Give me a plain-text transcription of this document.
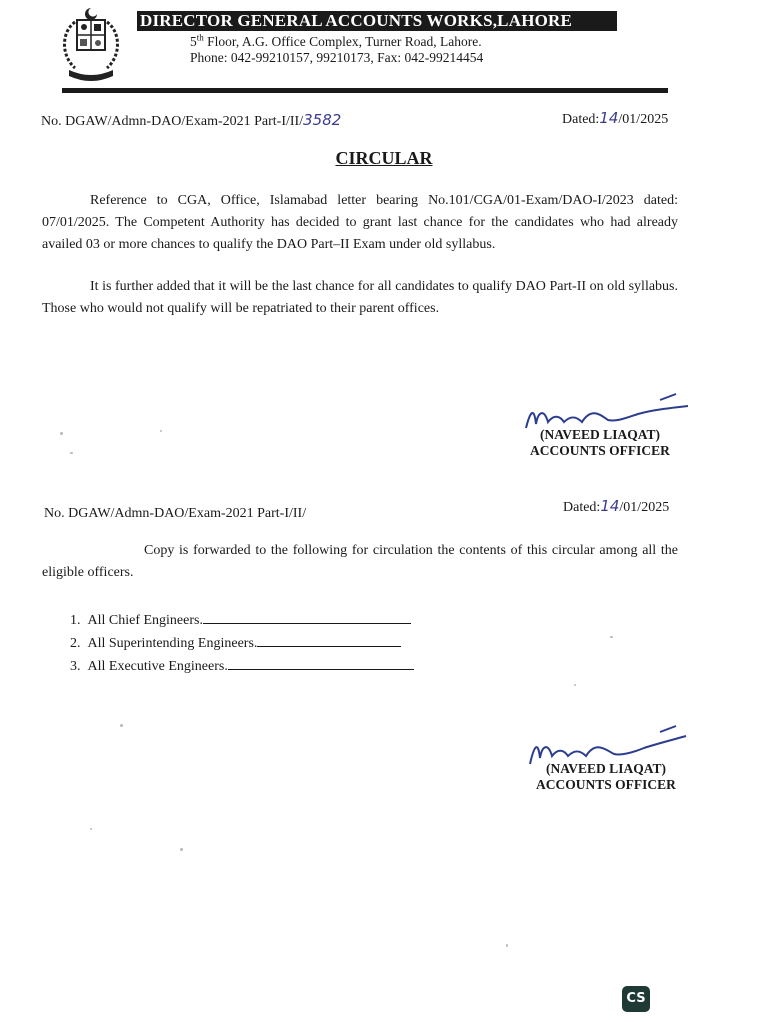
DIRECTOR GENERAL ACCOUNTS WORKS,LAHORE
5th Floor, A.G. Office Complex, Turner Road, Lahore.
Phone: 042-99210157, 99210173, Fax: 042-99214454
No. DGAW/Admn-DAO/Exam-2021 Part-I/II/3582	Dated:14/01/2025
CIRCULAR
Reference to CGA, Office, Islamabad letter bearing No.101/CGA/01-Exam/DAO-I/2023 dated: 07/01/2025. The Competent Authority has decided to grant last chance for the candidates who had already availed 03 or more chances to qualify the DAO Part–II Exam under old syllabus.
It is further added that it will be the last chance for all candidates to qualify DAO Part-II on old syllabus. Those who would not qualify will be repatriated to their parent offices.
(NAVEED LIAQAT)
ACCOUNTS OFFICER
No. DGAW/Admn-DAO/Exam-2021 Part-I/II/	Dated:14/01/2025
Copy is forwarded to the following for circulation the contents of this circular among all the eligible officers.
1. All Chief Engineers.
2. All Superintending Engineers.
3. All Executive Engineers.
(NAVEED LIAQAT)
ACCOUNTS OFFICER
CS
